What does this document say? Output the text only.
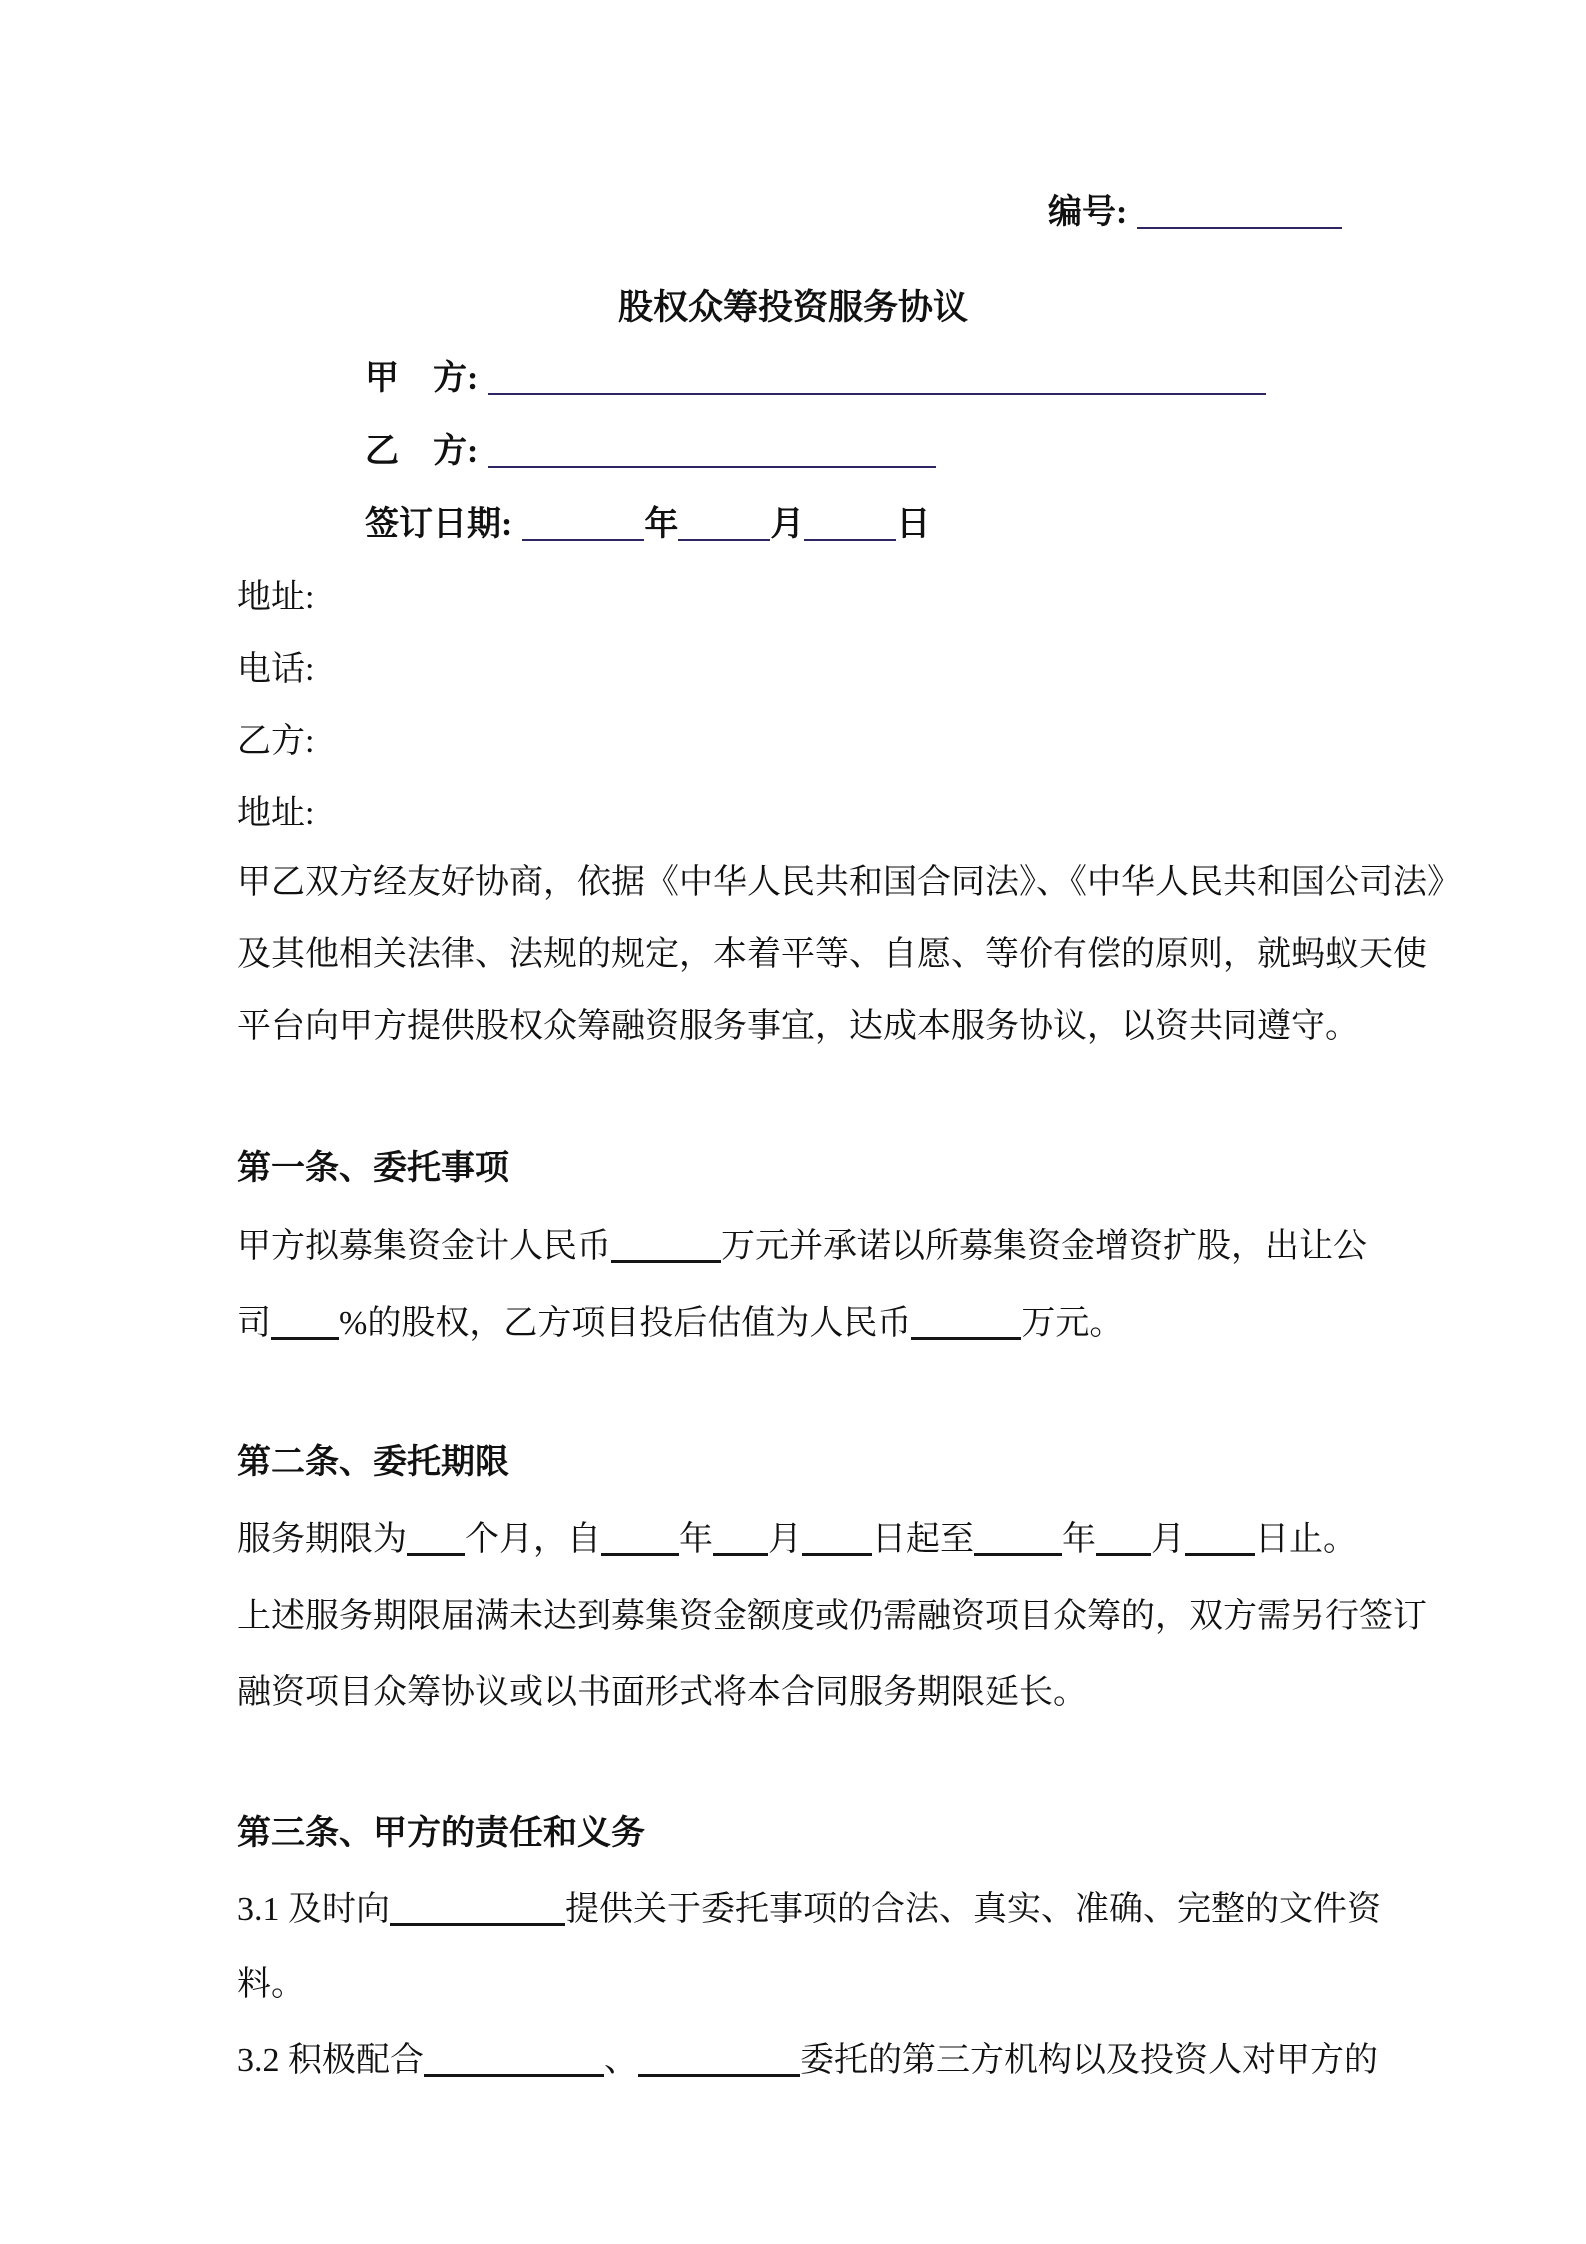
编号:
股权众筹投资服务协议
甲　方:
乙　方:
签订日期:	年	月	日
地址:
电话:
乙方:
地址:
甲乙双方经友好协商，依据《中华人民共和国合同法》、《中华人民共和国公司法》
及其他相关法律、法规的规定，本着平等、自愿、等价有偿的原则，就蚂蚁天使
平台向甲方提供股权众筹融资服务事宜，达成本服务协议，以资共同遵守。
第一条、委托事项
甲方拟募集资金计人民币	万元并承诺以所募集资金增资扩股，出让公
司 %的股权，乙方项目投后估值为人民币	万元。
第二条、委托期限
服务期限为 个月，自 年 月 日起至	年 月 日止。
上述服务期限届满未达到募集资金额度或仍需融资项目众筹的，双方需另行签订
融资项目众筹协议或以书面形式将本合同服务期限延长。
第三条、甲方的责任和义务
3.1 及时向	提供关于委托事项的合法、真实、准确、完整的文件资
料。
3.2 积极配合	、	委托的第三方机构以及投资人对甲方的
